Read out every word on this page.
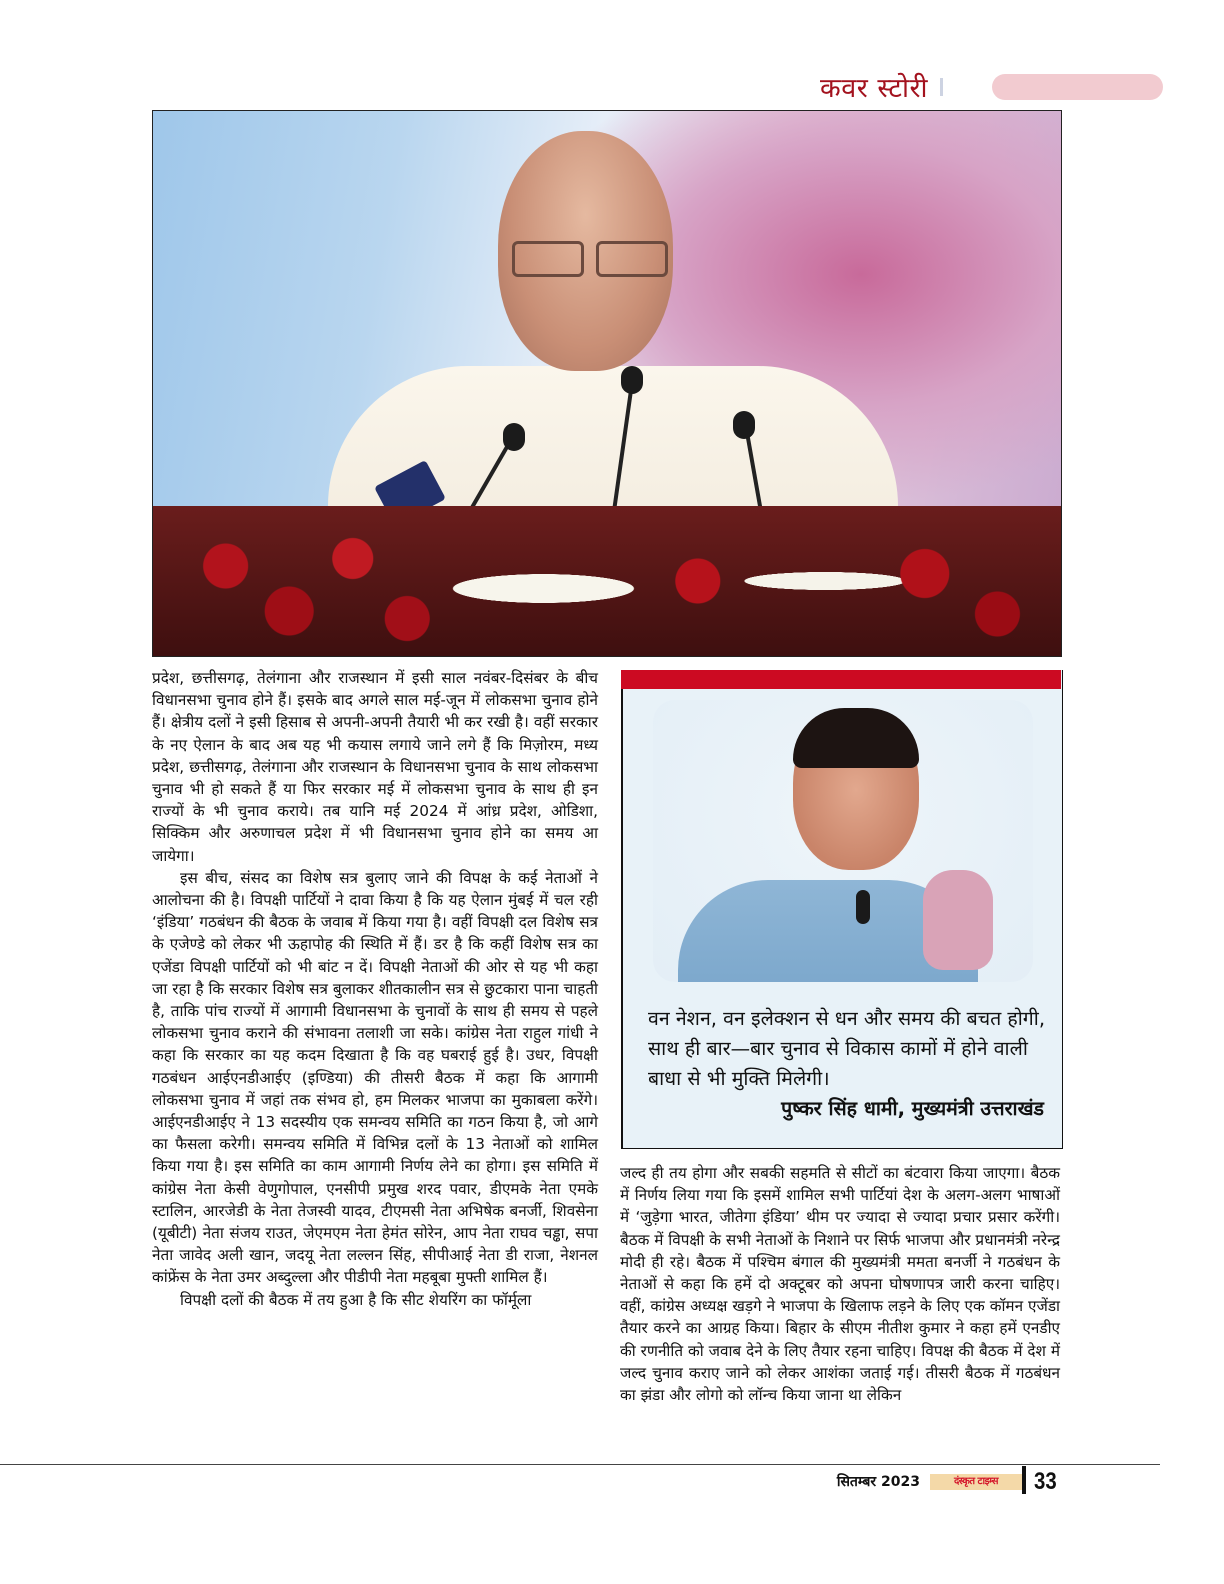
कवर स्टोरी

प्रदेश, छत्तीसगढ़, तेलंगाना और राजस्थान में इसी साल नवंबर-दिसंबर के बीच विधानसभा चुनाव होने हैं। इसके बाद अगले साल मई-जून में लोकसभा चुनाव होने हैं। क्षेत्रीय दलों ने इसी हिसाब से अपनी-अपनी तैयारी भी कर रखी है। वहीं सरकार के नए ऐलान के बाद अब यह भी कयास लगाये जाने लगे हैं कि मिज़ोरम, मध्य प्रदेश, छत्तीसगढ़, तेलंगाना और राजस्थान के विधानसभा चुनाव के साथ लोकसभा चुनाव भी हो सकते हैं या फिर सरकार मई में लोकसभा चुनाव के साथ ही इन राज्यों के भी चुनाव कराये। तब यानि मई 2024 में आंध्र प्रदेश, ओडिशा, सिक्किम और अरुणाचल प्रदेश में भी विधानसभा चुनाव होने का समय आ जायेगा।

इस बीच, संसद का विशेष सत्र बुलाए जाने की विपक्ष के कई नेताओं ने आलोचना की है। विपक्षी पार्टियों ने दावा किया है कि यह ऐलान मुंबई में चल रही ‘इंडिया’ गठबंधन की बैठक के जवाब में किया गया है। वहीं विपक्षी दल विशेष सत्र के एजेण्डे को लेकर भी ऊहापोह की स्थिति में हैं। डर है कि कहीं विशेष सत्र का एजेंडा विपक्षी पार्टियों को भी बांट न दें। विपक्षी नेताओं की ओर से यह भी कहा जा रहा है कि सरकार विशेष सत्र बुलाकर शीतकालीन सत्र से छुटकारा पाना चाहती है, ताकि पांच राज्यों में आगामी विधानसभा के चुनावों के साथ ही समय से पहले लोकसभा चुनाव कराने की संभावना तलाशी जा सके। कांग्रेस नेता राहुल गांधी ने कहा कि सरकार का यह कदम दिखाता है कि वह घबराई हुई है। उधर, विपक्षी गठबंधन आईएनडीआईए (इण्डिया) की तीसरी बैठक में कहा कि आगामी लोकसभा चुनाव में जहां तक संभव हो, हम मिलकर भाजपा का मुकाबला करेंगे। आईएनडीआईए ने 13 सदस्यीय एक समन्वय समिति का गठन किया है, जो आगे का फैसला करेगी। समन्वय समिति में विभिन्न दलों के 13 नेताओं को शामिल किया गया है। इस समिति का काम आगामी निर्णय लेने का होगा। इस समिति में कांग्रेस नेता केसी वेणुगोपाल, एनसीपी प्रमुख शरद पवार, डीएमके नेता एमके स्टालिन, आरजेडी के नेता तेजस्वी यादव, टीएमसी नेता अभिषेक बनर्जी, शिवसेना (यूबीटी) नेता संजय राउत, जेएमएम नेता हेमंत सोरेन, आप नेता राघव चड्ढा, सपा नेता जावेद अली खान, जदयू नेता लल्लन सिंह, सीपीआई नेता डी राजा, नेशनल कांफ्रेंस के नेता उमर अब्दुल्ला और पीडीपी नेता महबूबा मुफ्ती शामिल हैं।

विपक्षी दलों की बैठक में तय हुआ है कि सीट शेयरिंग का फॉर्मूला

वन नेशन, वन इलेक्शन से धन और समय की बचत होगी, साथ ही बार—बार चुनाव से विकास कामों में होने वाली बाधा से भी मुक्ति मिलेगी।
पुष्कर सिंह धामी, मुख्यमंत्री उत्तराखंड

जल्द ही तय होगा और सबकी सहमति से सीटों का बंटवारा किया जाएगा। बैठक में निर्णय लिया गया कि इसमें शामिल सभी पार्टियां देश के अलग-अलग भाषाओं में ‘जुड़ेगा भारत, जीतेगा इंडिया’ थीम पर ज्यादा से ज्यादा प्रचार प्रसार करेंगी। बैठक में विपक्षी के सभी नेताओं के निशाने पर सिर्फ भाजपा और प्रधानमंत्री नरेन्द्र मोदी ही रहे। बैठक में पश्चिम बंगाल की मुख्यमंत्री ममता बनर्जी ने गठबंधन के नेताओं से कहा कि हमें दो अक्टूबर को अपना घोषणापत्र जारी करना चाहिए। वहीं, कांग्रेस अध्यक्ष खड़गे ने भाजपा के खिलाफ लड़ने के लिए एक कॉमन एजेंडा तैयार करने का आग्रह किया। बिहार के सीएम नीतीश कुमार ने कहा हमें एनडीए की रणनीति को जवाब देने के लिए तैयार रहना चाहिए। विपक्ष की बैठक में देश में जल्द चुनाव कराए जाने को लेकर आशंका जताई गई। तीसरी बैठक में गठबंधन का झंडा और लोगो को लॉन्च किया जाना था लेकिन

सितम्बर 2023	दंस्कृत टाइम्स	33
